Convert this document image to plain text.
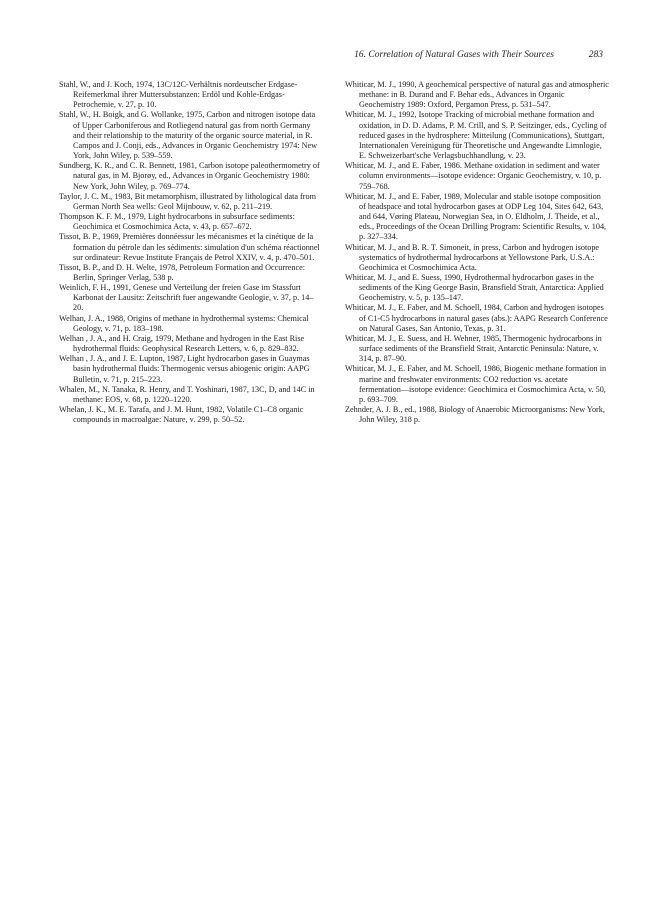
16. Correlation of Natural Gases with Their Sources	283

Stahl, W., and J. Koch, 1974, 13C/12C-Verhältnis nordeutscher Erdgase-Reifemerkmal ihrer Muttersubstanzen: Erdöl und Kohle-Erdgas-Petrochemie, v. 27, p. 10.

Stahl, W., H. Boigk, and G. Wollanke, 1975, Carbon and nitrogen isotope data of Upper Carboniferous and Rotliegend natural gas from north Germany and their relationship to the maturity of the organic source material, in R. Campos and J. Conji, eds., Advances in Organic Geochemistry 1974: New York, John Wiley, p. 539–559.

Sundberg, K. R., and C. R. Bennett, 1981, Carbon isotope paleothermometry of natural gas, in M. Bjorøy, ed., Advances in Organic Geochemistry 1980: New York, John Wiley, p. 769–774.

Taylor, J. C. M., 1983, Bit metamorphism, illustrated by lithological data from German North Sea wells: Geol Mijnbouw, v. 62, p. 211–219.

Thompson K. F. M., 1979, Light hydrocarbons in subsurface sediments: Geochimica et Cosmochimica Acta, v. 43, p. 657–672.

Tissot, B. P., 1969, Premières donnéessur les mécanismes et la cinétique de la formation du pétrole dan les sédiments: simulation d'un schéma réactionnel sur ordinateur: Revue Institute Français de Petrol XXIV, v. 4, p. 470–501.

Tissot, B. P., and D. H. Welte, 1978, Petroleum Formation and Occurrence: Berlin, Springer Verlag, 538 p.

Weinlich, F. H., 1991, Genese und Verteilung der freien Gase im Stassfurt Karbonat der Lausitz: Zeitschrift fuer angewandte Geologie, v. 37, p. 14–20.

Welhan, J. A., 1988, Origins of methane in hydrothermal systems: Chemical Geology, v. 71, p. 183–198.

Welhan , J. A., and H. Craig, 1979, Methane and hydrogen in the East Rise hydrothermal fluids: Geophysical Research Letters, v. 6, p. 829–832.

Welhan , J. A., and J. E. Lupton, 1987, Light hydrocarbon gases in Guaymas basin hydrothermal fluids: Thermogenic versus abiogenic origin: AAPG Bulletin, v. 71, p. 215–223.

Whalen, M., N. Tanaka, R. Henry, and T. Yoshinari, 1987, 13C, D, and 14C in methane: EOS, v. 68, p. 1220–1220.

Whelan, J. K., M. E. Tarafa, and J. M. Hunt, 1982, Volatile C1–C8 organic compounds in macroalgae: Nature, v. 299, p. 50–52.

Whiticar, M. J., 1990, A geochemical perspective of natural gas and atmospheric methane: in B. Durand and F. Behar eds., Advances in Organic Geochemistry 1989: Oxford, Pergamon Press, p. 531–547.

Whiticar, M. J., 1992, Isotope Tracking of microbial methane formation and oxidation, in D. D. Adams, P. M. Crill, and S. P. Seitzinger, eds., Cycling of reduced gases in the hydrosphere: Mitteilung (Communications), Stuttgart, Internationalen Vereinigung für Theoretische und Angewandte Limnlogie, E. Schweizerbart'sche Verlagsbuchhandlung, v. 23.

Whiticar, M. J., and E. Faber, 1986. Methane oxidation in sediment and water column environments—isotope evidence: Organic Geochemistry, v. 10, p. 759–768.

Whiticar, M. J., and E. Faber, 1989, Molecular and stable isotope composition of headspace and total hydrocarbon gases at ODP Leg 104, Sites 642, 643, and 644, Vøring Plateau, Norwegian Sea, in O. Eldholm, J. Theide, et al., eds., Proceedings of the Ocean Drilling Program: Scientific Results, v. 104, p. 327–334.

Whiticar, M. J., and B. R. T. Simoneit, in press, Carbon and hydrogen isotope systematics of hydrothermal hydrocarbons at Yellowstone Park, U.S.A.: Geochimica et Cosmochimica Acta.

Whiticar, M. J., and E. Suess, 1990, Hydrothermal hydrocarbon gases in the sediments of the King George Basin, Bransfield Strait, Antarctica: Applied Geochemistry, v. 5, p. 135–147.

Whiticar, M. J., E. Faber, and M. Schoell, 1984, Carbon and hydrogen isotopes of C1-C5 hydrocarbons in natural gases (abs.): AAPG Research Conference on Natural Gases, San Antonio, Texas, p. 31.

Whiticar, M. J., E. Suess, and H. Wehner, 1985, Thermogenic hydrocarbons in surface sediments of the Bransfield Strait, Antarctic Peninsula: Nature, v. 314, p. 87–90.

Whiticar, M. J., E. Faber, and M. Schoell, 1986, Biogenic methane formation in marine and freshwater environments: CO2 reduction vs. acetate fermentation—isotope evidence: Geochimica et Cosmochimica Acta, v. 50, p. 693–709.

Zehnder, A. J. B., ed., 1988, Biology of Anaerobic Microorganisms: New York, John Wiley, 318 p.
